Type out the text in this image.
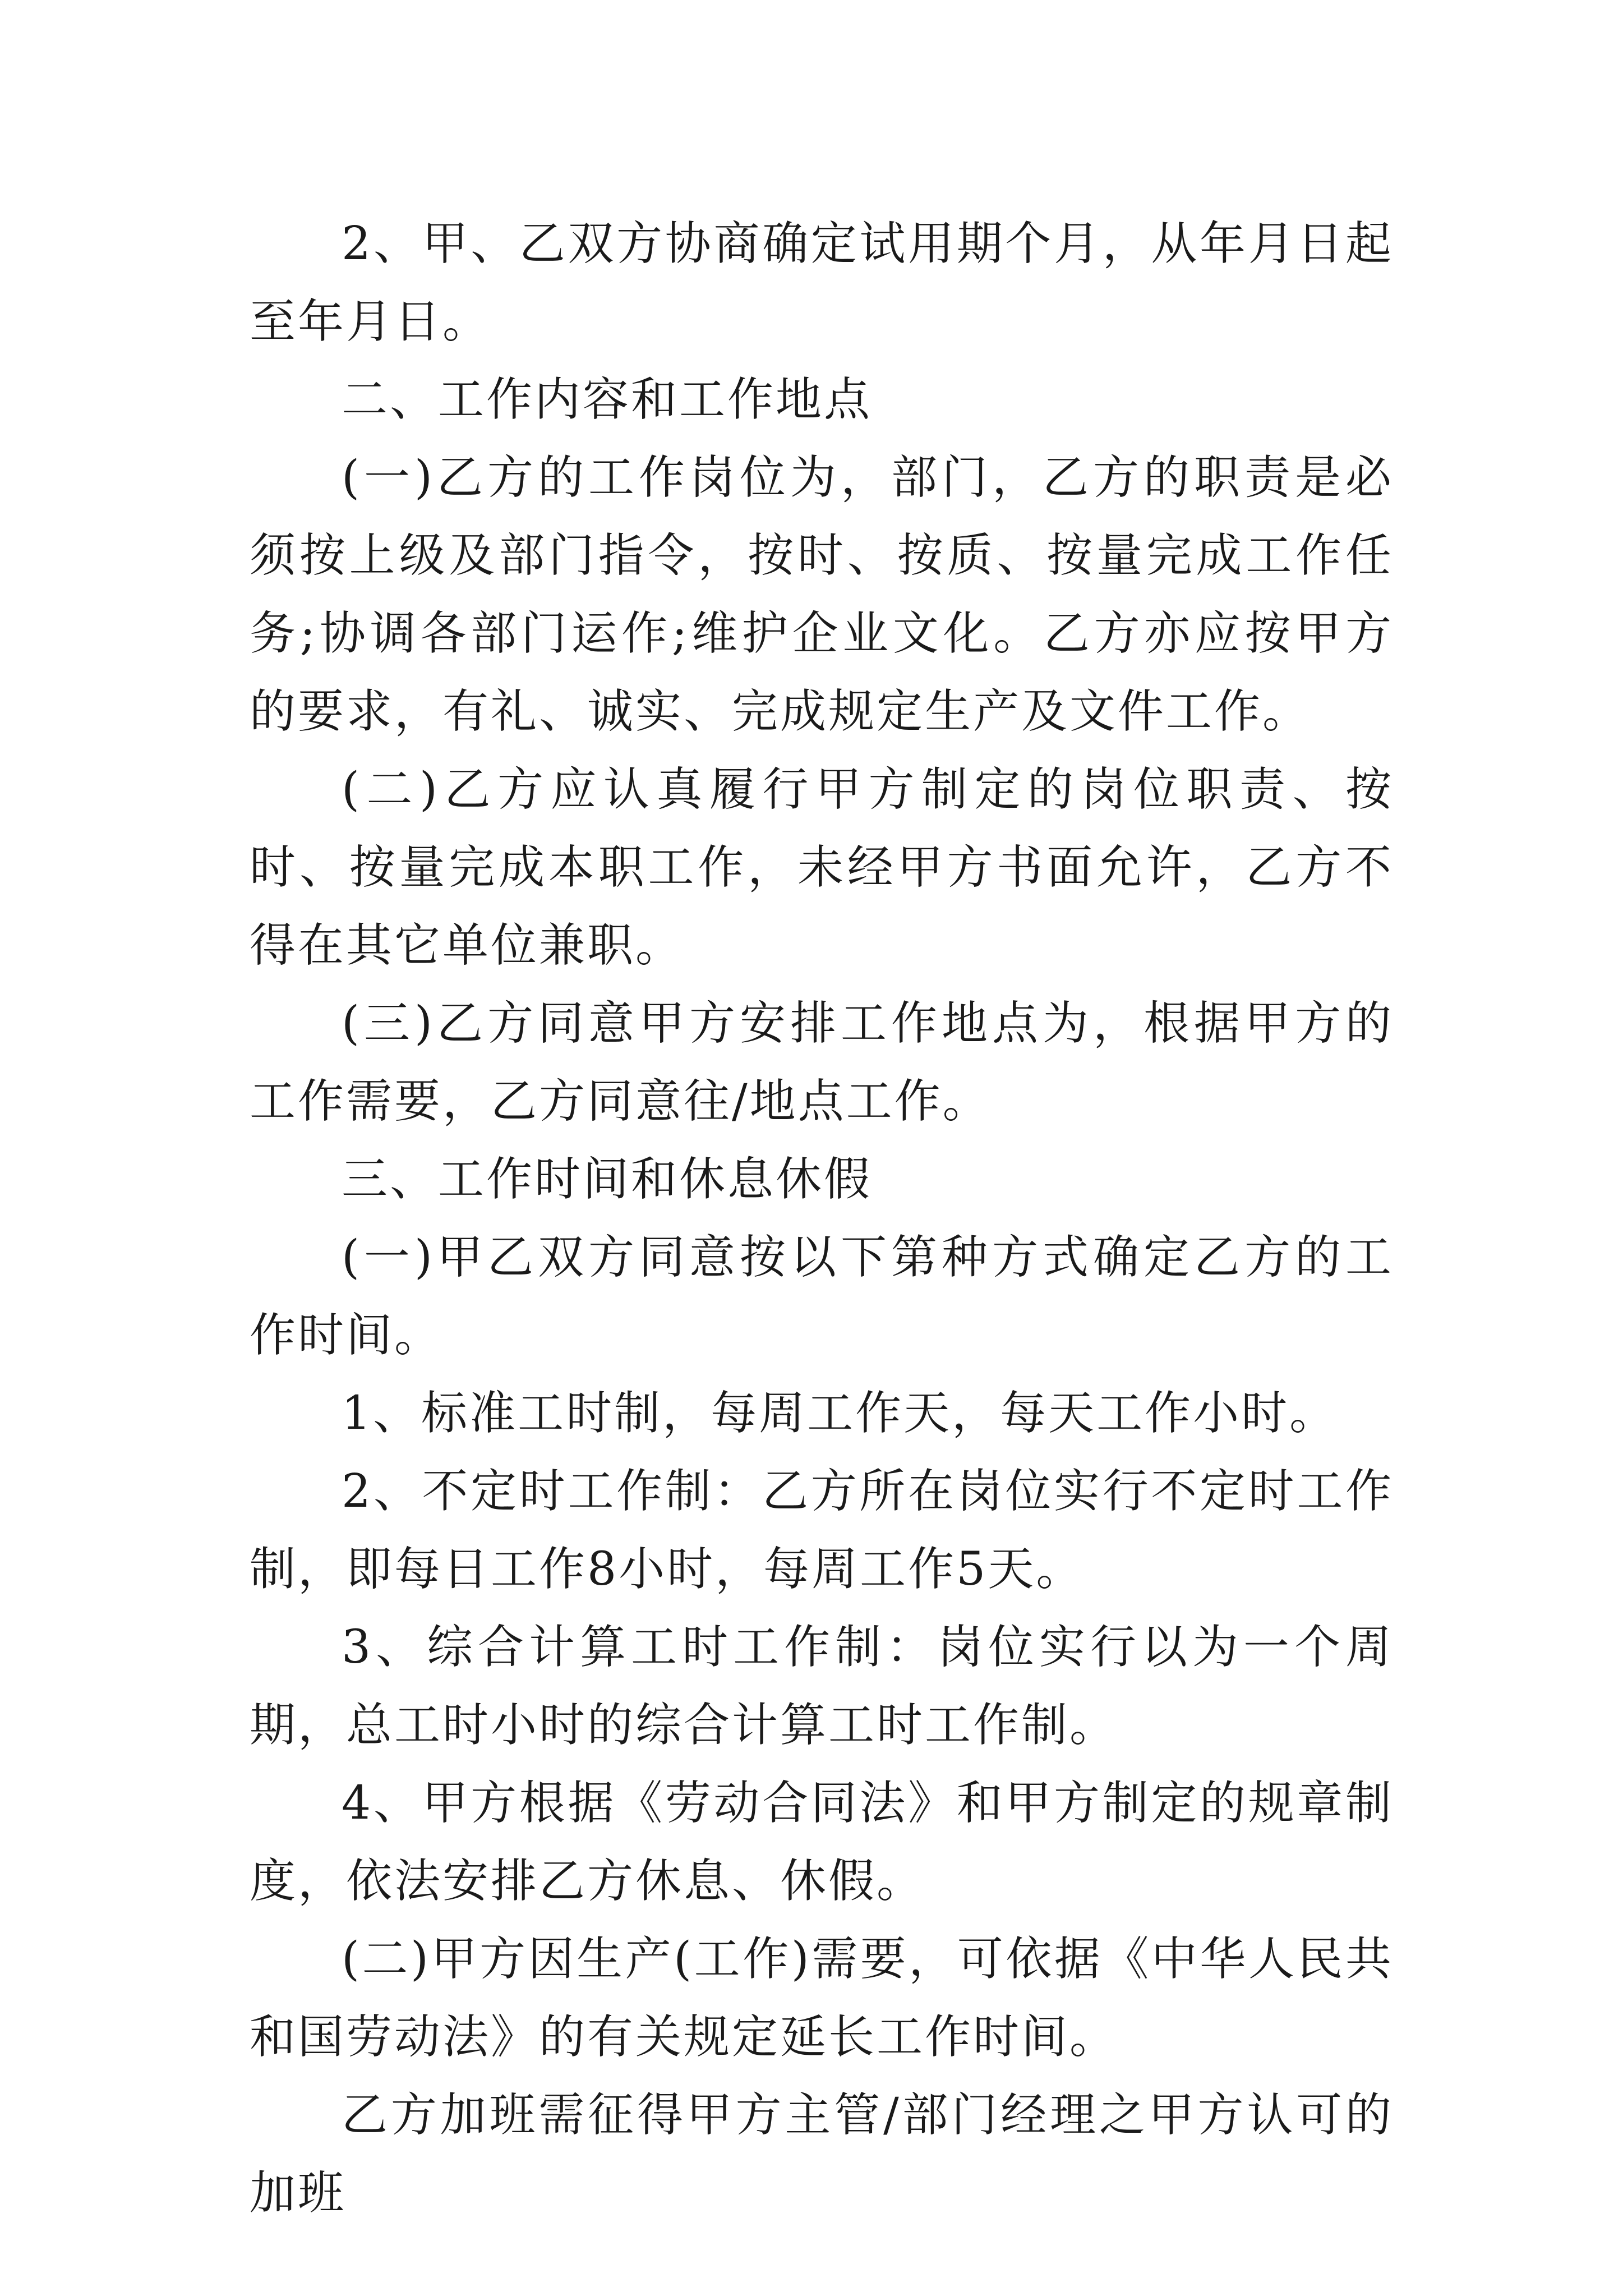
2、甲、乙双方协商确定试用期个月，从年月日起至年月日。

二、工作内容和工作地点

(一)乙方的工作岗位为，部门，乙方的职责是必须按上级及部门指令，按时、按质、按量完成工作任务;协调各部门运作;维护企业文化。乙方亦应按甲方的要求，有礼、诚实、完成规定生产及文件工作。

(二)乙方应认真履行甲方制定的岗位职责、按时、按量完成本职工作，未经甲方书面允许，乙方不得在其它单位兼职。

(三)乙方同意甲方安排工作地点为，根据甲方的工作需要，乙方同意往/地点工作。

三、工作时间和休息休假

(一)甲乙双方同意按以下第种方式确定乙方的工作时间。

1、标准工时制，每周工作天，每天工作小时。

2、不定时工作制：乙方所在岗位实行不定时工作制，即每日工作8小时，每周工作5天。

3、综合计算工时工作制：岗位实行以为一个周期，总工时小时的综合计算工时工作制。

4、甲方根据《劳动合同法》和甲方制定的规章制度，依法安排乙方休息、休假。

(二)甲方因生产(工作)需要，可依据《中华人民共和国劳动法》的有关规定延长工作时间。

乙方加班需征得甲方主管/部门经理之甲方认可的加班
